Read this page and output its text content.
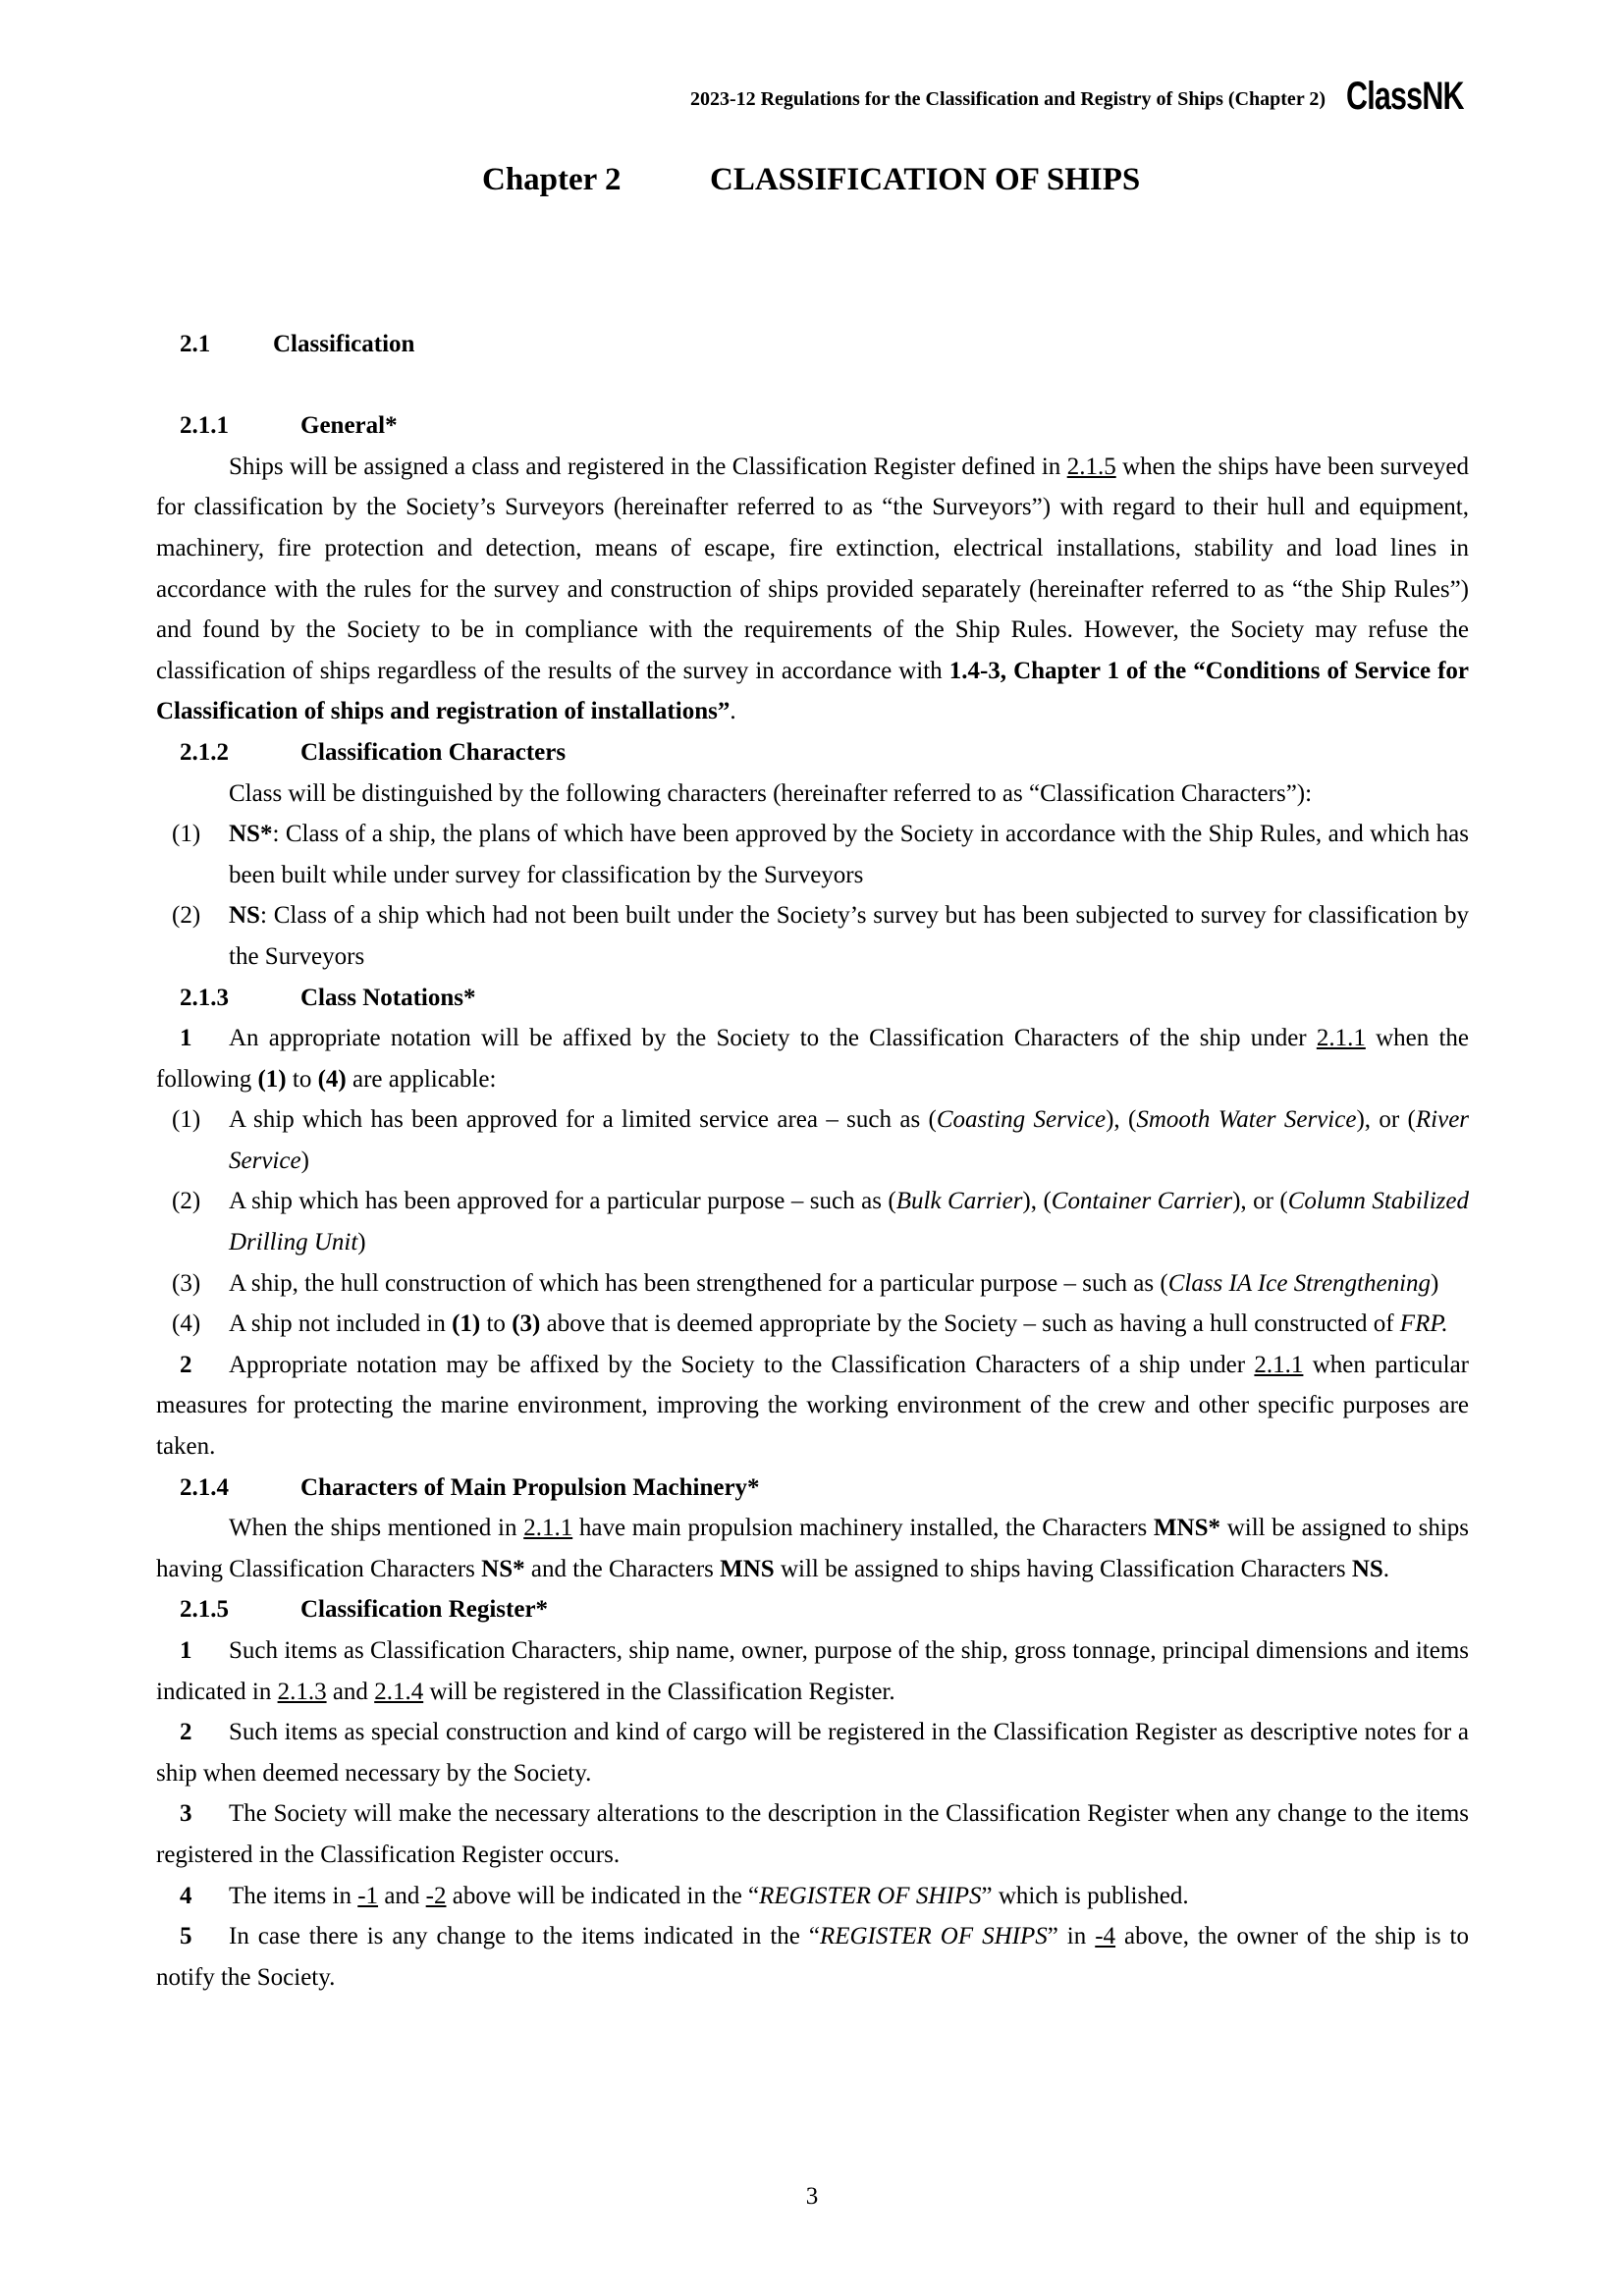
2023-12 Regulations for the Classification and Registry of Ships (Chapter 2) ClassNK
Chapter 2	CLASSIFICATION OF SHIPS
2.1	Classification
2.1.1	General*
Ships will be assigned a class and registered in the Classification Register defined in 2.1.5 when the ships have been surveyed for classification by the Society’s Surveyors (hereinafter referred to as “the Surveyors”) with regard to their hull and equipment, machinery, fire protection and detection, means of escape, fire extinction, electrical installations, stability and load lines in accordance with the rules for the survey and construction of ships provided separately (hereinafter referred to as “the Ship Rules”) and found by the Society to be in compliance with the requirements of the Ship Rules. However, the Society may refuse the classification of ships regardless of the results of the survey in accordance with 1.4-3, Chapter 1 of the “Conditions of Service for Classification of ships and registration of installations”.
2.1.2	Classification Characters
Class will be distinguished by the following characters (hereinafter referred to as “Classification Characters”):
(1) NS*: Class of a ship, the plans of which have been approved by the Society in accordance with the Ship Rules, and which has been built while under survey for classification by the Surveyors
(2) NS: Class of a ship which had not been built under the Society’s survey but has been subjected to survey for classification by the Surveyors
2.1.3	Class Notations*
1 An appropriate notation will be affixed by the Society to the Classification Characters of the ship under 2.1.1 when the following (1) to (4) are applicable:
(1) A ship which has been approved for a limited service area – such as (Coasting Service), (Smooth Water Service), or (River Service)
(2) A ship which has been approved for a particular purpose – such as (Bulk Carrier), (Container Carrier), or (Column Stabilized Drilling Unit)
(3) A ship, the hull construction of which has been strengthened for a particular purpose – such as (Class IA Ice Strengthening)
(4) A ship not included in (1) to (3) above that is deemed appropriate by the Society – such as having a hull constructed of FRP.
2 Appropriate notation may be affixed by the Society to the Classification Characters of a ship under 2.1.1 when particular measures for protecting the marine environment, improving the working environment of the crew and other specific purposes are taken.
2.1.4	Characters of Main Propulsion Machinery*
When the ships mentioned in 2.1.1 have main propulsion machinery installed, the Characters MNS* will be assigned to ships having Classification Characters NS* and the Characters MNS will be assigned to ships having Classification Characters NS.
2.1.5	Classification Register*
1 Such items as Classification Characters, ship name, owner, purpose of the ship, gross tonnage, principal dimensions and items indicated in 2.1.3 and 2.1.4 will be registered in the Classification Register.
2 Such items as special construction and kind of cargo will be registered in the Classification Register as descriptive notes for a ship when deemed necessary by the Society.
3 The Society will make the necessary alterations to the description in the Classification Register when any change to the items registered in the Classification Register occurs.
4 The items in -1 and -2 above will be indicated in the “REGISTER OF SHIPS” which is published.
5 In case there is any change to the items indicated in the “REGISTER OF SHIPS” in -4 above, the owner of the ship is to notify the Society.
3
